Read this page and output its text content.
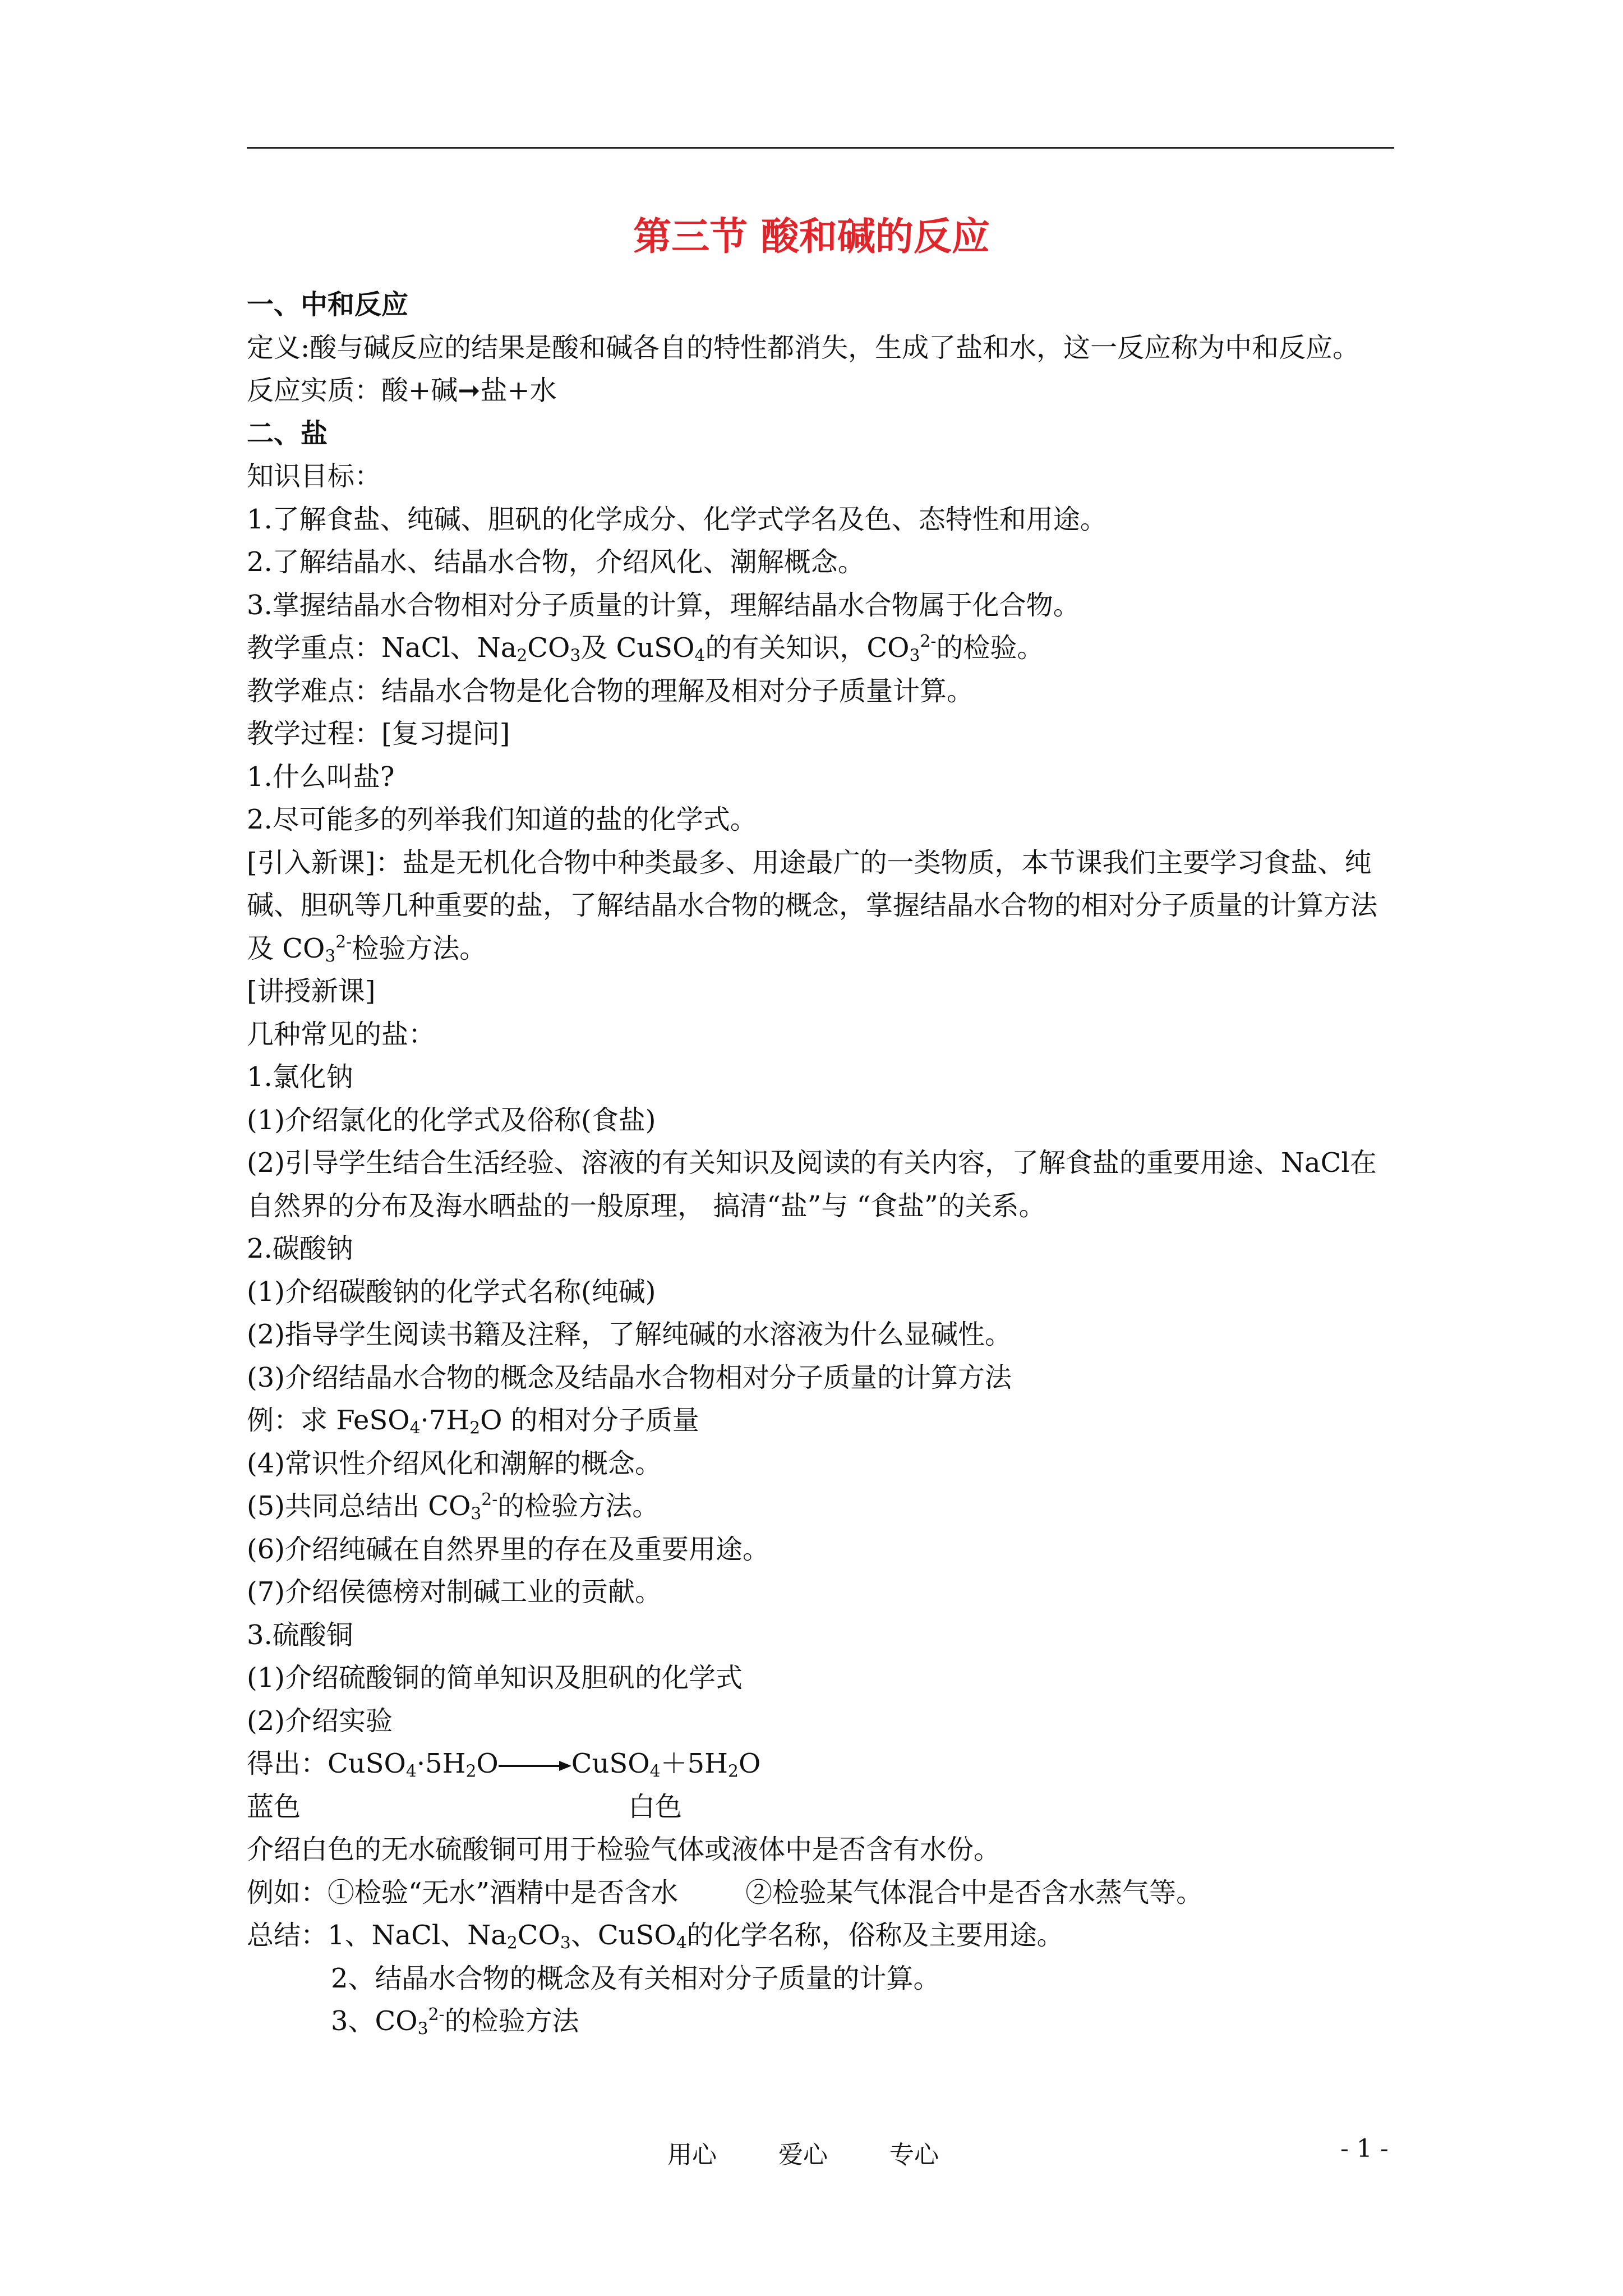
第三节 酸和碱的反应
一、中和反应
定义:酸与碱反应的结果是酸和碱各自的特性都消失，生成了盐和水，这一反应称为中和反应。
反应实质：酸+碱➞盐+水
二、盐
知识目标：
1.了解食盐、纯碱、胆矾的化学成分、化学式学名及色、态特性和用途。
2.了解结晶水、结晶水合物，介绍风化、潮解概念。
3.掌握结晶水合物相对分子质量的计算，理解结晶水合物属于化合物。
教学重点：NaCl、$Na_2CO_3$及 CuSO$_4$的有关知识，$CO_3^{2-}$的检验。
教学难点：结晶水合物是化合物的理解及相对分子质量计算。
教学过程：[复习提问]
1.什么叫盐?
2.尽可能多的列举我们知道的盐的化学式。
[引入新课]：盐是无机化合物中种类最多、用途最广的一类物质，本节课我们主要学习食盐、纯碱、胆矾等几种重要的盐，了解结晶水合物的概念，掌握结晶水合物的相对分子质量的计算方法及 $CO_3^{2-}$检验方法。
[讲授新课]
几种常见的盐：
1.氯化钠
(1)介绍氯化的化学式及俗称(食盐)
(2)引导学生结合生活经验、溶液的有关知识及阅读的有关内容，了解食盐的重要用途、NaCl在自然界的分布及海水晒盐的一般原理， 搞清“盐”与 “食盐”的关系。
2.碳酸钠
(1)介绍碳酸钠的化学式名称(纯碱)
(2)指导学生阅读书籍及注释，了解纯碱的水溶液为什么显碱性。
(3)介绍结晶水合物的概念及结晶水合物相对分子质量的计算方法
例：求 $FeSO_4\cdot 7H_2O$ 的相对分子质量
(4)常识性介绍风化和潮解的概念。
(5)共同总结出 $CO_3^{2-}$的检验方法。
(6)介绍纯碱在自然界里的存在及重要用途。
(7)介绍侯德榜对制碱工业的贡献。
3.硫酸铜
(1)介绍硫酸铜的简单知识及胆矾的化学式
(2)介绍实验
得出：$CuSO_4\cdot 5H_2O$	$CuSO_4+5H_2O$
蓝色	白色
介绍白色的无水硫酸铜可用于检验气体或液体中是否含有水份。
例如：①检验“无水”酒精中是否含水	②检验某气体混合中是否含水蒸气等。
总结：1、NaCl、$Na_2CO_3$、CuSO$_4$的化学名称，俗称及主要用途。
2、结晶水合物的概念及有关相对分子质量的计算。
3、$CO_3^{2-}$的检验方法
用心	爱心	专心	- 1 -
